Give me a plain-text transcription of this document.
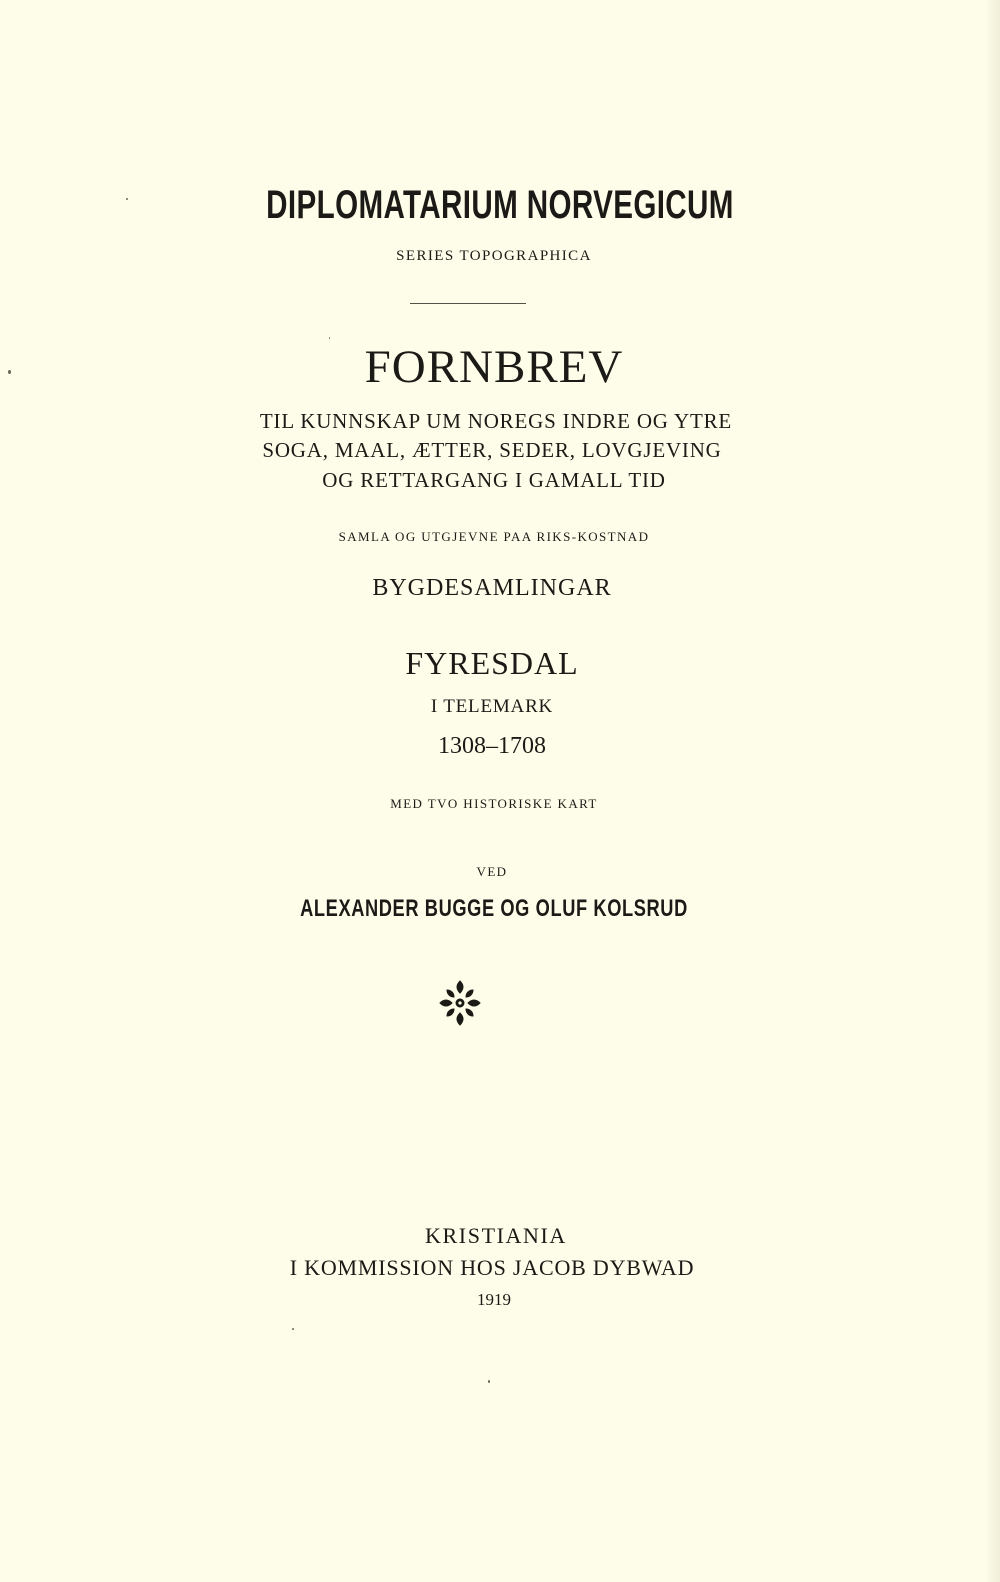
DIPLOMATARIUM NORVEGICUM

SERIES TOPOGRAPHICA

FORNBREV

TIL KUNNSKAP UM NOREGS INDRE OG YTRE

SOGA, MAAL, ÆTTER, SEDER, LOVGJEVING

OG RETTARGANG I GAMALL TID

SAMLA OG UTGJEVNE PAA RIKS-KOSTNAD

BYGDESAMLINGAR

FYRESDAL

I TELEMARK

1308–1708

MED TVO HISTORISKE KART

VED

ALEXANDER BUGGE OG OLUF KOLSRUD

KRISTIANIA

I KOMMISSION HOS JACOB DYBWAD

1919
